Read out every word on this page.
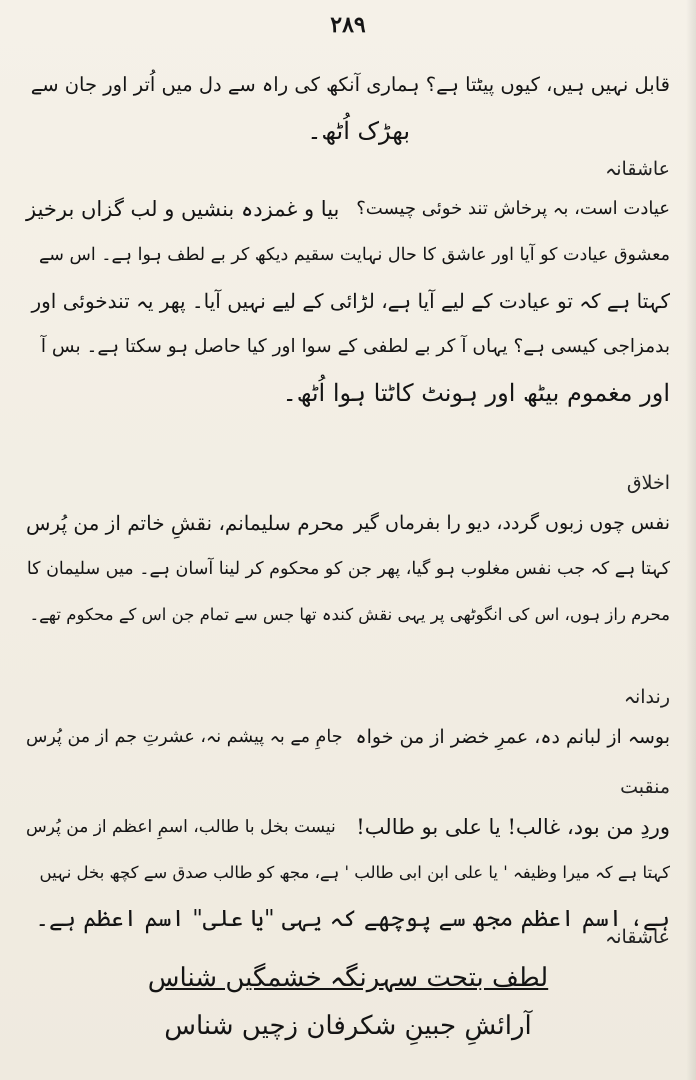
۲۸۹
قابل نہیں ہیں، کیوں پیٹتا ہے؟ ہماری آنکھ کی راہ سے دل میں اُتر اور جان سے
بھڑک اُٹھ۔
عاشقانہ
عیادت است، بہ پرخاش تند خوئی چیست؟
بیا و غمزدہ بنشیں و لب گزاں برخیز
معشوق عیادت کو آیا اور عاشق کا حال نہایت سقیم دیکھ کر بے لطف ہوا ہے۔ اس سے
کہتا ہے کہ تو عیادت کے لیے آیا ہے، لڑائی کے لیے نہیں آیا۔ پھر یہ تندخوئی اور
بدمزاجی کیسی ہے؟ یہاں آ کر بے لطفی کے سوا اور کیا حاصل ہو سکتا ہے۔ بس آ
اور مغموم بیٹھ اور ہونٹ کاٹتا ہوا اُٹھ۔
اخلاق
نفس چوں زبوں گردد، دیو را بفرماں گیر
محرم سلیمانم، نقشِ خاتم از من پُرس
کہتا ہے کہ جب نفس مغلوب ہو گیا، پھر جن کو محکوم کر لینا آسان ہے۔ میں سلیمان کا
محرم راز ہوں، اس کی انگوٹھی پر یہی نقش کندہ تھا جس سے تمام جن اس کے محکوم تھے۔
رندانہ
بوسہ از لبانم دہ، عمرِ خضر از من خواہ
جامِ مے بہ پیشم نہ، عشرتِ جم از من پُرس
منقبت
وردِ من بود، غالب! یا علی بو طالب!
نیست بخل با طالب، اسمِ اعظم از من پُرس
کہتا ہے کہ میرا وظیفہ ' یا علی ابن ابی طالب ' ہے، مجھ کو طالب صدق سے کچھ بخل نہیں
ہے، اسم اعظم مجھ سے پوچھے کہ یہی "یا علی" اسم اعظم ہے۔
عاشقانہ
لطف بتحت سہرنگہ خشمگیں شناس
آرائشِ جبینِ شکرفان زچیں شناس
